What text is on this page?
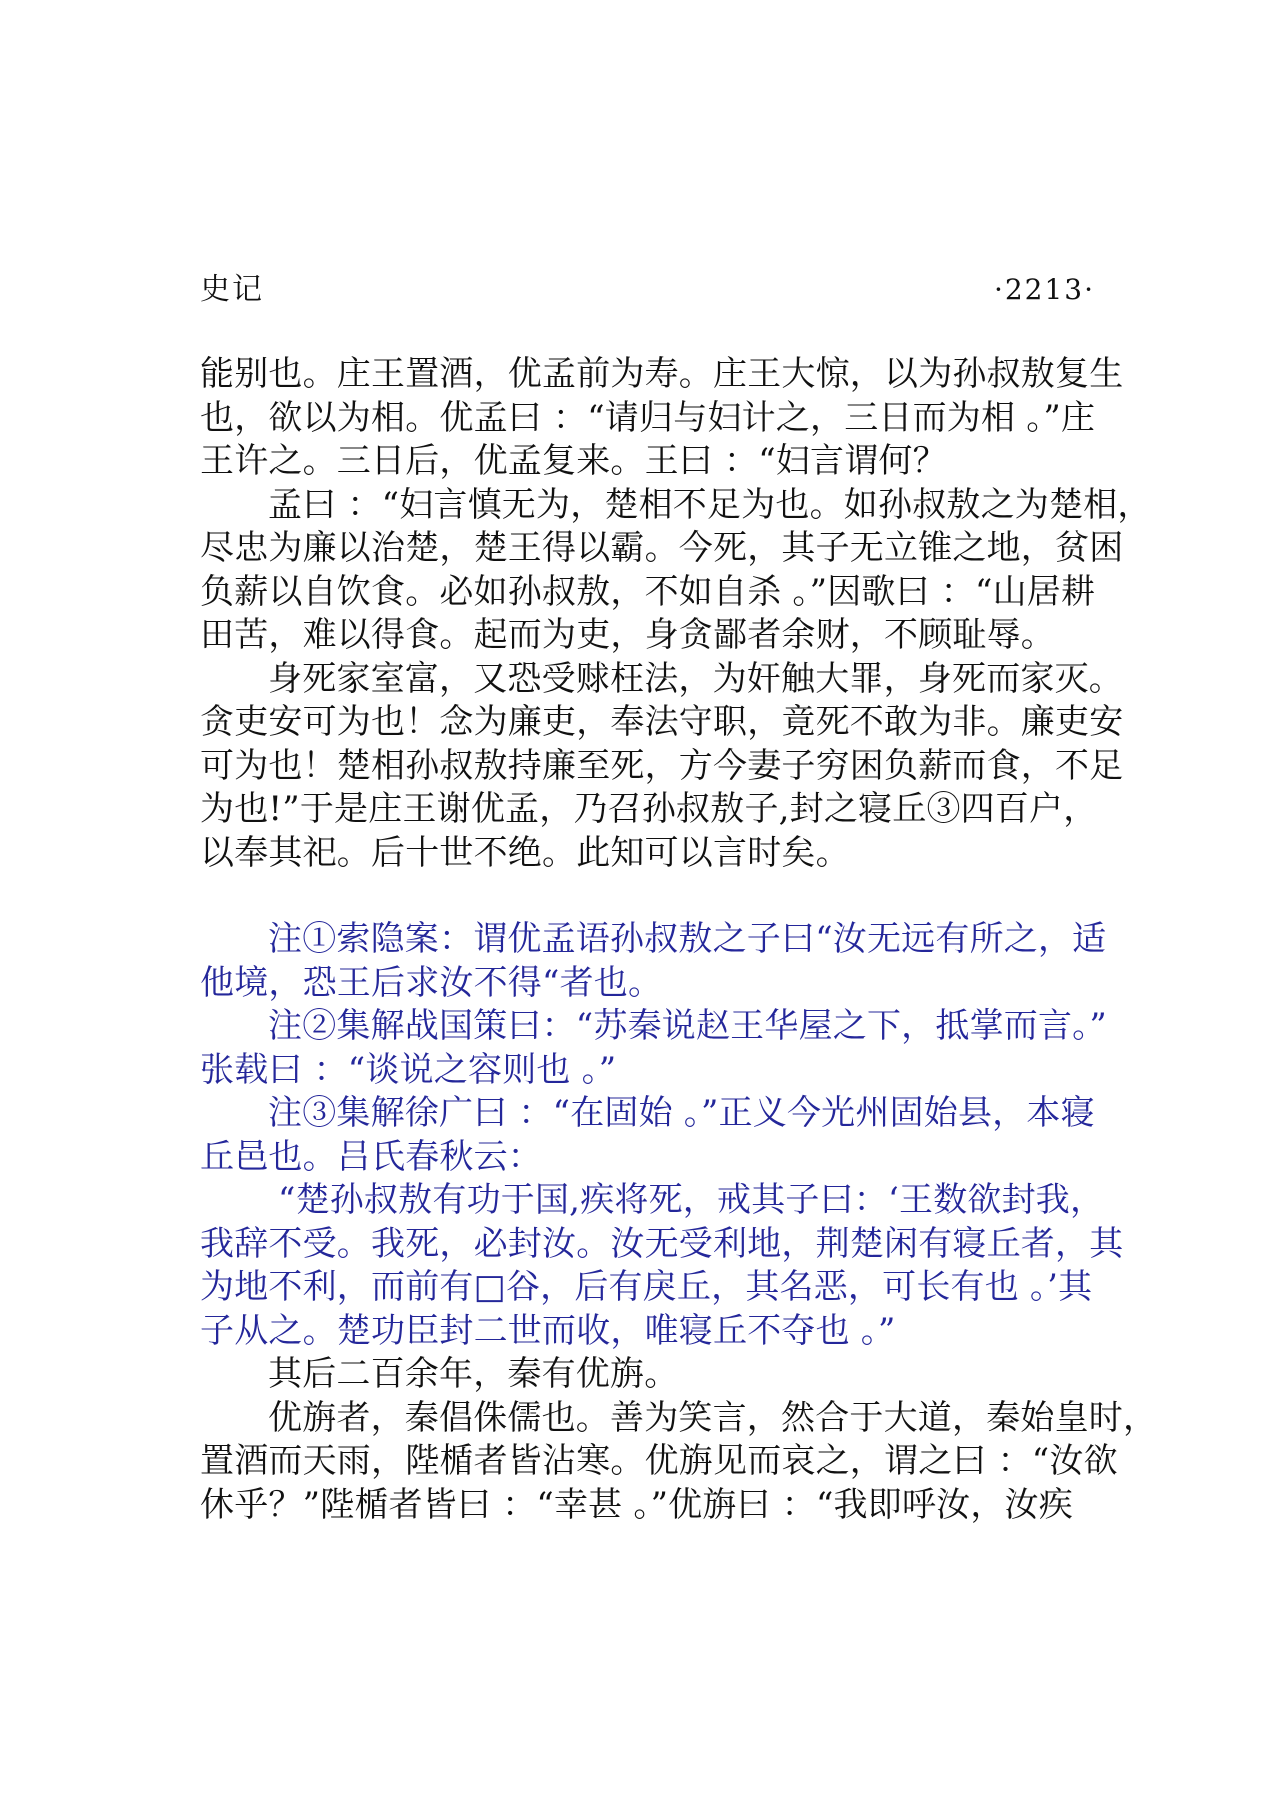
史记	·2213·
能别也。庄王置酒，优孟前为寿。庄王大惊，以为孙叔敖复生
也，欲以为相。优孟曰 ：“请归与妇计之，三日而为相 。”庄
王许之。三日后，优孟复来。王曰 ：“妇言谓何？
孟曰 ：“妇言慎无为，楚相不足为也。如孙叔敖之为楚相，
尽忠为廉以治楚，楚王得以霸。今死，其子无立锥之地，贫困
负薪以自饮食。必如孙叔敖，不如自杀 。”因歌曰 ：“山居耕
田苦，难以得食。起而为吏，身贪鄙者余财，不顾耻辱。
身死家室富，又恐受赇枉法，为奸触大罪，身死而家灭。
贪吏安可为也！念为廉吏，奉法守职，竟死不敢为非。廉吏安
可为也！楚相孙叔敖持廉至死，方今妻子穷困负薪而食，不足
为也!”于是庄王谢优孟，乃召孙叔敖子,封之寝丘③四百户，
以奉其祀。后十世不绝。此知可以言时矣。
注①索隐案：谓优孟语孙叔敖之子曰“汝无远有所之，适
他境，恐王后求汝不得“者也。
注②集解战国策曰：“苏秦说赵王华屋之下，抵掌而言。”
张载曰 ：“谈说之容则也 。”
注③集解徐广曰 ：“在固始 。”正义今光州固始县，本寝
丘邑也。吕氏春秋云：
“楚孙叔敖有功于国,疾将死，戒其子曰：‘王数欲封我，
我辞不受。我死，必封汝。汝无受利地，荆楚闲有寝丘者，其
为地不利，而前有□谷，后有戾丘，其名恶，可长有也 。’其
子从之。楚功臣封二世而收，唯寝丘不夺也 。”
其后二百余年，秦有优旃。
优旃者，秦倡侏儒也。善为笑言，然合于大道，秦始皇时，
置酒而天雨，陛楯者皆沾寒。优旃见而哀之，谓之曰 ：“汝欲
休乎？”陛楯者皆曰 ：“幸甚 。”优旃曰 ：“我即呼汝，汝疾
